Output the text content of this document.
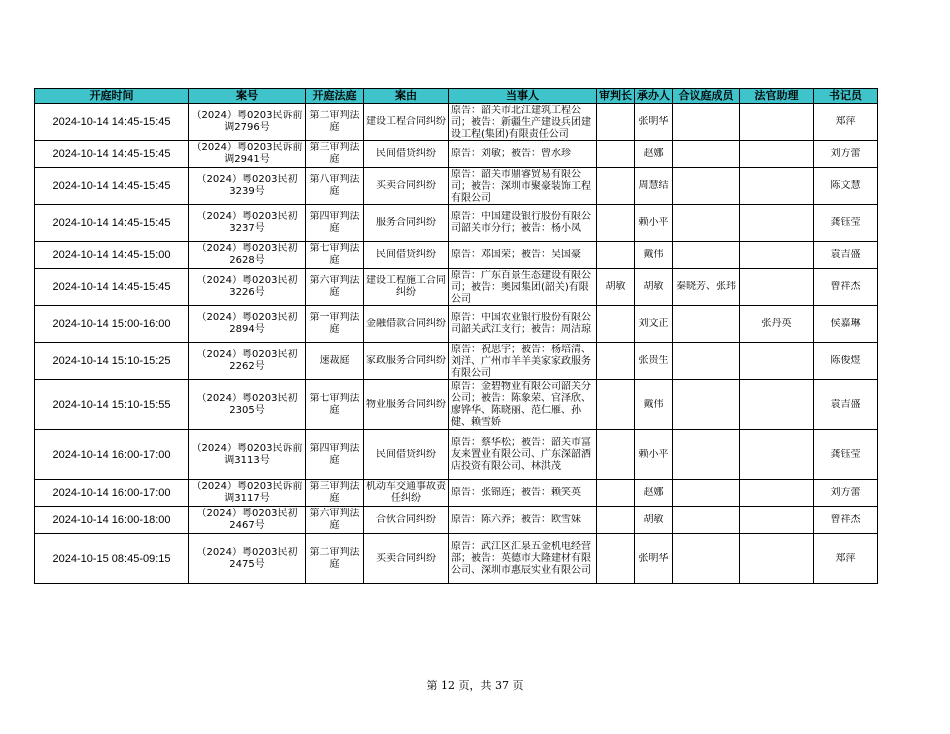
开庭时间	案号	开庭法庭	案由	当事人	审判长	承办人	合议庭成员	法官助理	书记员

2024-10-14 14:45-15:45	（2024）粤0203民诉前调2796号	第二审判法庭	建设工程合同纠纷	原告：韶关市北江建筑工程公司；被告：新疆生产建设兵团建设工程(集团)有限责任公司		张明华			郑萍

2024-10-14 14:45-15:45	（2024）粤0203民诉前调2941号	第三审判法庭	民间借贷纠纷	原告：刘敏；被告：曾水珍		赵娜			刘方蕾

2024-10-14 14:45-15:45	（2024）粤0203民初3239号	第八审判法庭	买卖合同纠纷	原告：韶关市鼎睿贸易有限公司；被告：深圳市聚豪装饰工程有限公司		周慧结			陈文慧

2024-10-14 14:45-15:45	（2024）粤0203民初3237号	第四审判法庭	服务合同纠纷	原告：中国建设银行股份有限公司韶关市分行；被告：杨小凤		赖小平			龚钰莹

2024-10-14 14:45-15:00	（2024）粤0203民初2628号	第七审判法庭	民间借贷纠纷	原告：邓国荣；被告：吴国豪		戴伟			袁吉盛

2024-10-14 14:45-15:45	（2024）粤0203民初3226号	第六审判法庭	建设工程施工合同纠纷	原告：广东百景生态建设有限公司；被告：奥园集团(韶关)有限公司	胡敏	胡敏	秦晓芳、张玮		曾祥杰

2024-10-14 15:00-16:00	（2024）粤0203民初2894号	第一审判法庭	金融借款合同纠纷	原告：中国农业银行股份有限公司韶关武江支行；被告：周洁琼		刘文正		张丹英	侯嘉琳

2024-10-14 15:10-15:25	（2024）粤0203民初2262号	速裁庭	家政服务合同纠纷	原告：祝思宇；被告：杨培清、刘洋、广州市羊羊美家家政服务有限公司		张贵生			陈俊煜

2024-10-14 15:10-15:55	（2024）粤0203民初2305号	第七审判法庭	物业服务合同纠纷	原告：金碧物业有限公司韶关分公司；被告：陈象荣、官泽欣、廖铧华、陈晓丽、范仁雁、孙健、赖雪娇		戴伟			袁吉盛

2024-10-14 16:00-17:00	（2024）粤0203民诉前调3113号	第四审判法庭	民间借贷纠纷	原告：蔡华松；被告：韶关市富友来置业有限公司、广东深韶酒店投资有限公司、林洪茂		赖小平			龚钰莹

2024-10-14 16:00-17:00	（2024）粤0203民诉前调3117号	第三审判法庭	机动车交通事故责任纠纷	原告：张锦连；被告：赖笑英		赵娜			刘方蕾

2024-10-14 16:00-18:00	（2024）粤0203民初2467号	第六审判法庭	合伙合同纠纷	原告：陈六养；被告：欧雪妹		胡敏			曾祥杰

2024-10-15 08:45-09:15	（2024）粤0203民初2475号	第二审判法庭	买卖合同纠纷	原告：武江区汇泉五金机电经营部；被告：英德市大隆建材有限公司、深圳市惠辰实业有限公司		张明华			郑萍
第 12 页，共 37 页
